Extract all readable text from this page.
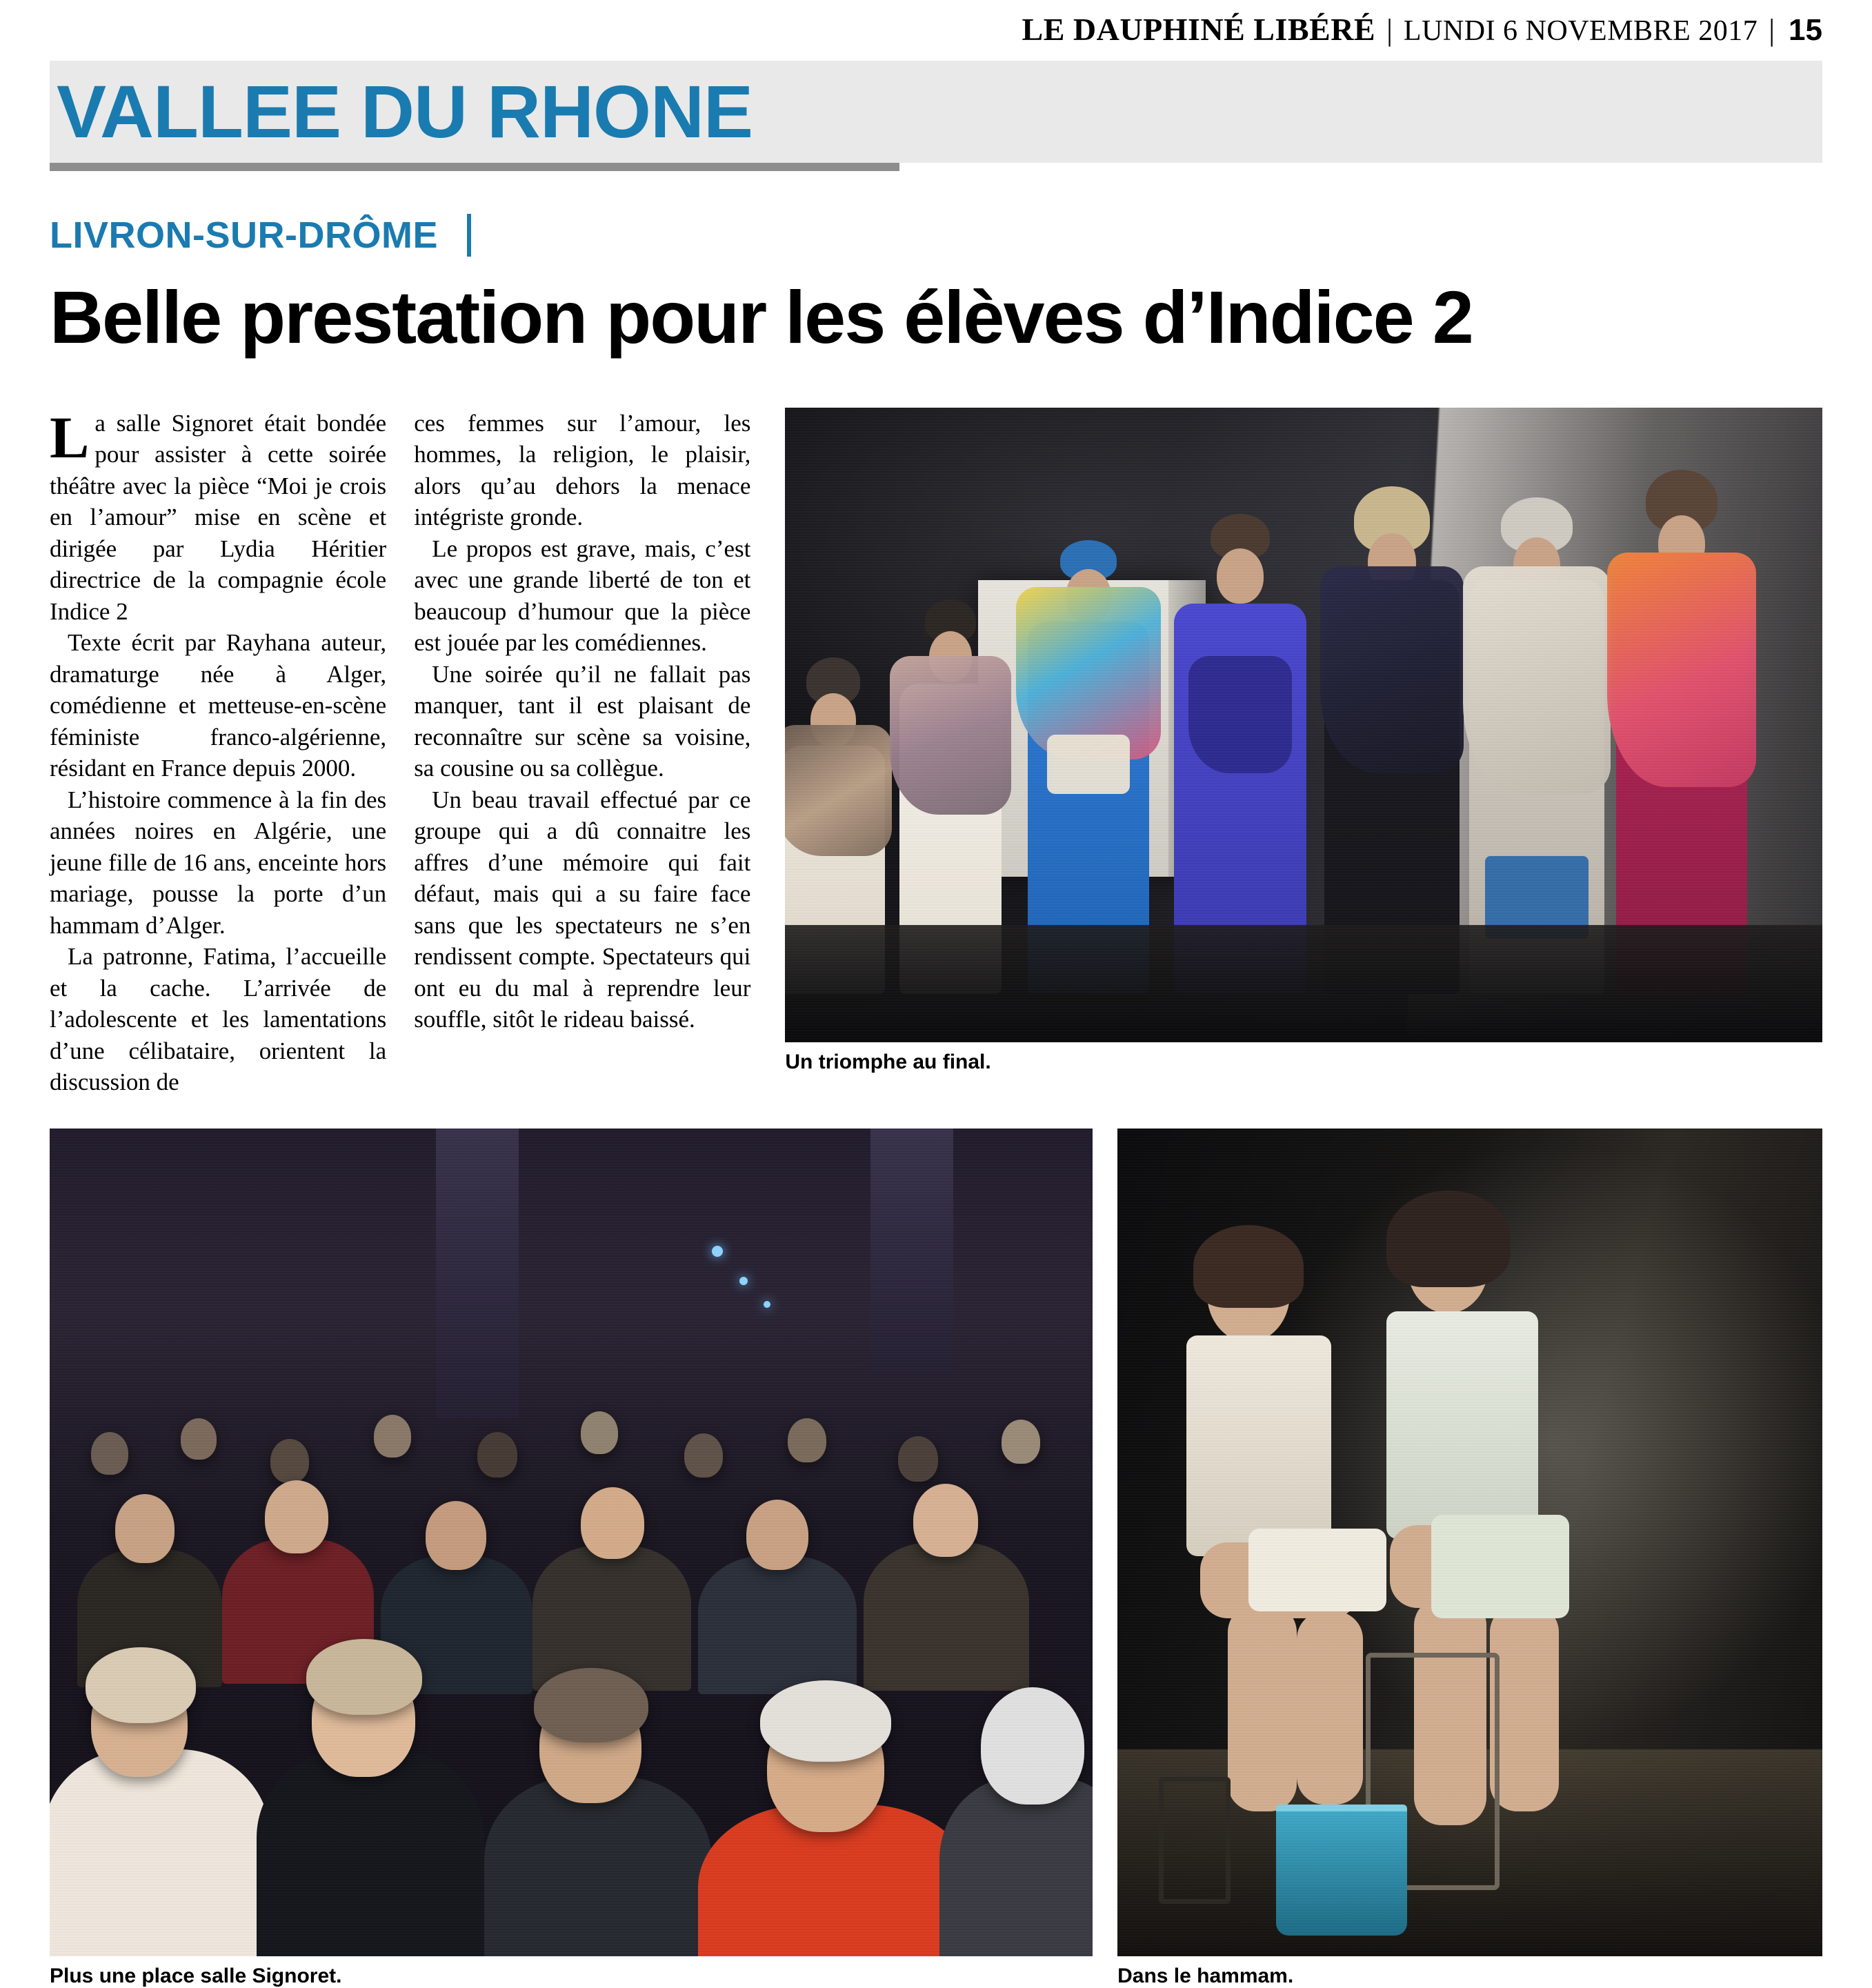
LE DAUPHINÉ LIBÉRÉ | LUNDI 6 NOVEMBRE 2017 | 15
VALLEE DU RHONE
LIVRON-SUR-DRÔME
Belle prestation pour les élèves d’Indice 2

La salle Signoret était bondée pour assister à cette soirée théâtre avec la pièce “Moi je crois en l’amour” mise en scène et dirigée par Lydia Héritier directrice de la compagnie école Indice 2

Texte écrit par Rayhana auteur, dramaturge née à Alger, comédienne et metteuse-en-scène féministe franco-algérienne, résidant en France depuis 2000.

L’histoire commence à la fin des années noires en Algérie, une jeune fille de 16 ans, enceinte hors mariage, pousse la porte d’un hammam d’Alger.

La patronne, Fatima, l’accueille et la cache. L’arrivée de l’adolescente et les lamentations d’une célibataire, orientent la discussion de

ces femmes sur l’amour, les hommes, la religion, le plaisir, alors qu’au dehors la menace intégriste gronde.

Le propos est grave, mais, c’est avec une grande liberté de ton et beaucoup d’humour que la pièce est jouée par les comédiennes.

Une soirée qu’il ne fallait pas manquer, tant il est plaisant de reconnaître sur scène sa voisine, sa cousine ou sa collègue.

Un beau travail effectué par ce groupe qui a dû connaitre les affres d’une mémoire qui fait défaut, mais qui a su faire face sans que les spectateurs ne s’en rendissent compte. Spectateurs qui ont eu du mal à reprendre leur souffle, sitôt le rideau baissé.

Un triomphe au final.
Plus une place salle Signoret.	Dans le hammam.
